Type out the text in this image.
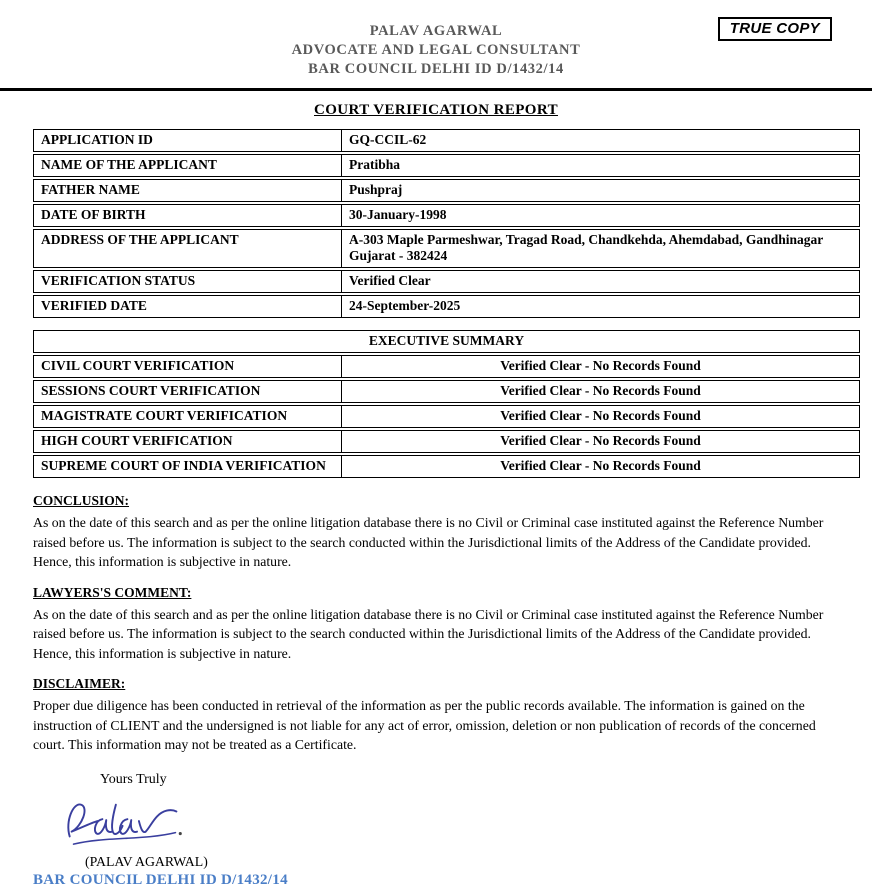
PALAV AGARWAL
ADVOCATE AND LEGAL CONSULTANT
BAR COUNCIL DELHI ID D/1432/14
TRUE COPY
COURT VERIFICATION REPORT
APPLICATION ID	GQ-CCIL-62
NAME OF THE APPLICANT	Pratibha
FATHER NAME	Pushpraj
DATE OF BIRTH	30-January-1998
ADDRESS OF THE APPLICANT	A-303 Maple Parmeshwar, Tragad Road, Chandkehda, Ahemdabad, Gandhinagar Gujarat - 382424
VERIFICATION STATUS	Verified Clear
VERIFIED DATE	24-September-2025
EXECUTIVE SUMMARY	
CIVIL COURT VERIFICATION	Verified Clear - No Records Found
SESSIONS COURT VERIFICATION	Verified Clear - No Records Found
MAGISTRATE COURT VERIFICATION	Verified Clear - No Records Found
HIGH COURT VERIFICATION	Verified Clear - No Records Found
SUPREME COURT OF INDIA VERIFICATION	Verified Clear - No Records Found
CONCLUSION:
As on the date of this search and as per the online litigation database there is no Civil or Criminal case instituted against the Reference Number raised before us. The information is subject to the search conducted within the Jurisdictional limits of the Address of the Candidate provided. Hence, this information is subjective in nature.
LAWYERS'S COMMENT:
As on the date of this search and as per the online litigation database there is no Civil or Criminal case instituted against the Reference Number raised before us. The information is subject to the search conducted within the Jurisdictional limits of the Address of the Candidate provided. Hence, this information is subjective in nature.
DISCLAIMER:
Proper due diligence has been conducted in retrieval of the information as per the public records available. The information is gained on the instruction of CLIENT and the undersigned is not liable for any act of error, omission, deletion or non publication of records of the concerned court. This information may not be treated as a Certificate.
Yours Truly
(PALAV AGARWAL)
BAR COUNCIL DELHI ID D/1432/14
